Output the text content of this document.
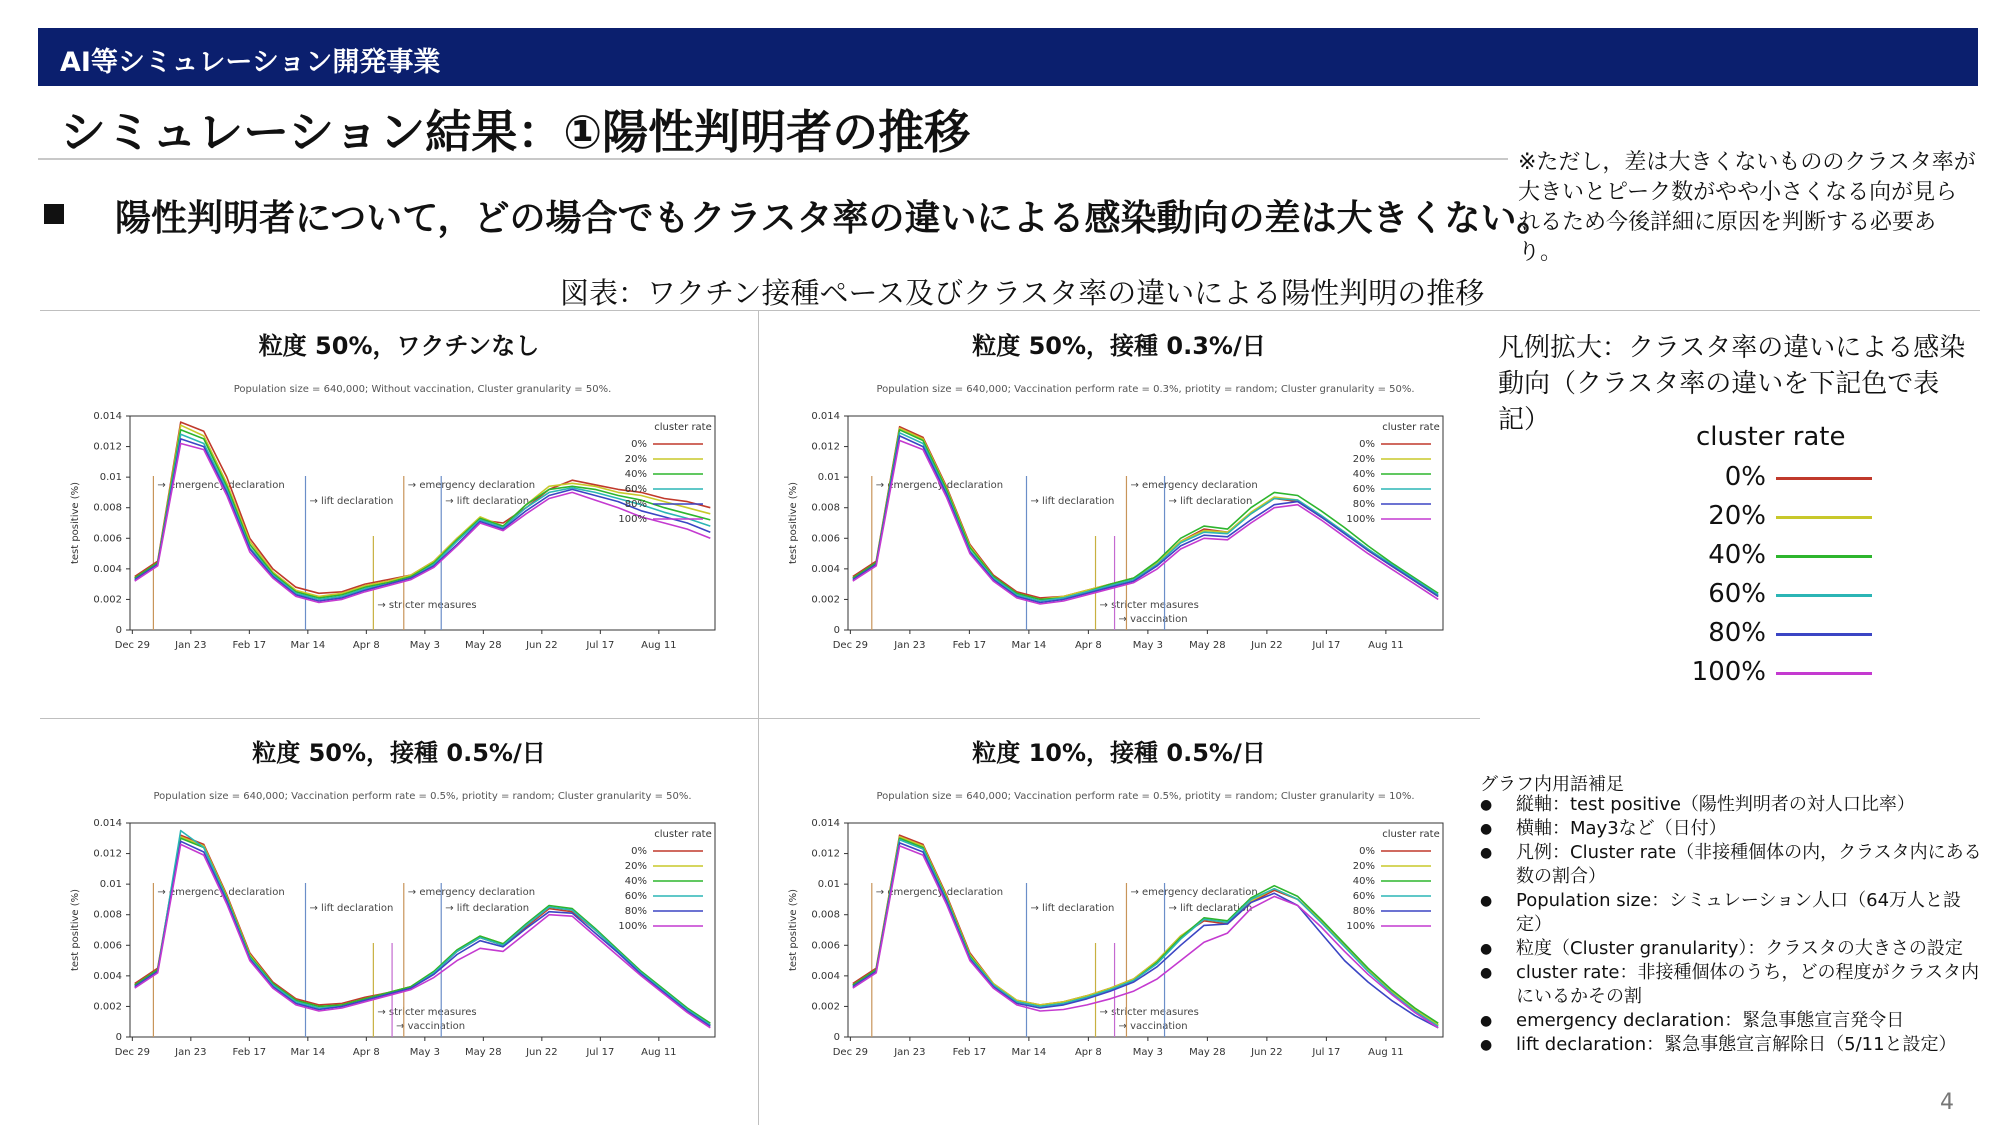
AI等シミュレーション開発事業
シミュレーション結果：①陽性判明者の推移
陽性判明者について，どの場合でもクラスタ率の違いによる感染動向の差は大きくない。
※ただし，差は大きくないもののクラスタ率が大きいとピーク数がやや小さくなる向が見られるため今後詳細に原因を判断する必要あり。
図表：ワクチン接種ペース及びクラスタ率の違いによる陽性判明の推移
粒度 50%，ワクチンなし	粒度 50%，接種 0.3%/日
粒度 50%，接種 0.5%/日	粒度 10%，接種 0.5%/日
Population size = 640,000; Without vaccination, Cluster granularity = 50%.
0
0.002
0.004
0.006
0.008
0.01
0.012
0.014
test positive (%)
Dec 29	Jan 23	Feb 17 Mar 14	Apr 8	May 3	May 28 Jun 22	Jul 17	Aug 11
→ emergency declaration
→ lift declaration
→ stricter measures
→ emergency declaration
→ lift declaration
cluster rate
0%
20%
40%
60%
80%
100%
Population size = 640,000; Vaccination perform rate = 0.3%, priotity = random; Cluster granularity = 50%.
0
0.002
0.004
0.006
0.008
0.01
0.012
0.014
test positive (%)
Dec 29	Jan 23	Feb 17	Mar 14	Apr 8	May 3	May 28	Jun 22	Jul 17	Aug 11
→ emergency declaration
→ lift declaration
→ stricter measures
→ vaccination
→ emergency declaration
→ lift declaration
cluster rate
0%
20%
40%
60%
80%
100%
Population size = 640,000; Vaccination perform rate = 0.5%, priotity = random; Cluster granularity = 50%.
0
0.002
0.004
0.006
0.008
0.01
0.012
0.014
test positive (%)
Dec 29	Jan 23	Feb 17 Mar 14	Apr 8	May 3	May 28 Jun 22	Jul 17	Aug 11
→ emergency declaration
→ lift declaration
→ stricter measures
→ vaccination
→ emergency declaration
→ lift declaration
cluster rate
0%
20%
40%
60%
80%
100%
Population size = 640,000; Vaccination perform rate = 0.5%, priotity = random; Cluster granularity = 10%.
0
0.002
0.004
0.006
0.008
0.01
0.012
0.014
test positive (%)
Dec 29	Jan 23	Feb 17	Mar 14	Apr 8	May 3	May 28	Jun 22	Jul 17	Aug 11
→ emergency declaration
→ lift declaration
→ stricter measures
→ vaccination
→ emergency declaration
→ lift declaration
cluster rate
0%
20%
40%
60%
80%
100%
凡例拡大：クラスタ率の違いによる感染動向（クラスタ率の違いを下記色で表記）
cluster rate
0%
20%
40%
60%
80%
100%
グラフ内用語補足
● 縦軸：test positive（陽性判明者の対人口比率）
● 横軸：May3など（日付）
● 凡例：Cluster rate（非接種個体の内，クラスタ内にある数の割合）
● Population size：シミュレーション人口（64万人と設定）
● 粒度（Cluster granularity）：クラスタの大きさの設定
● cluster rate：非接種個体のうち，どの程度がクラスタ内にいるかその割
● emergency declaration：緊急事態宣言発令日
● lift declaration：緊急事態宣言解除日（5/11と設定）
4
